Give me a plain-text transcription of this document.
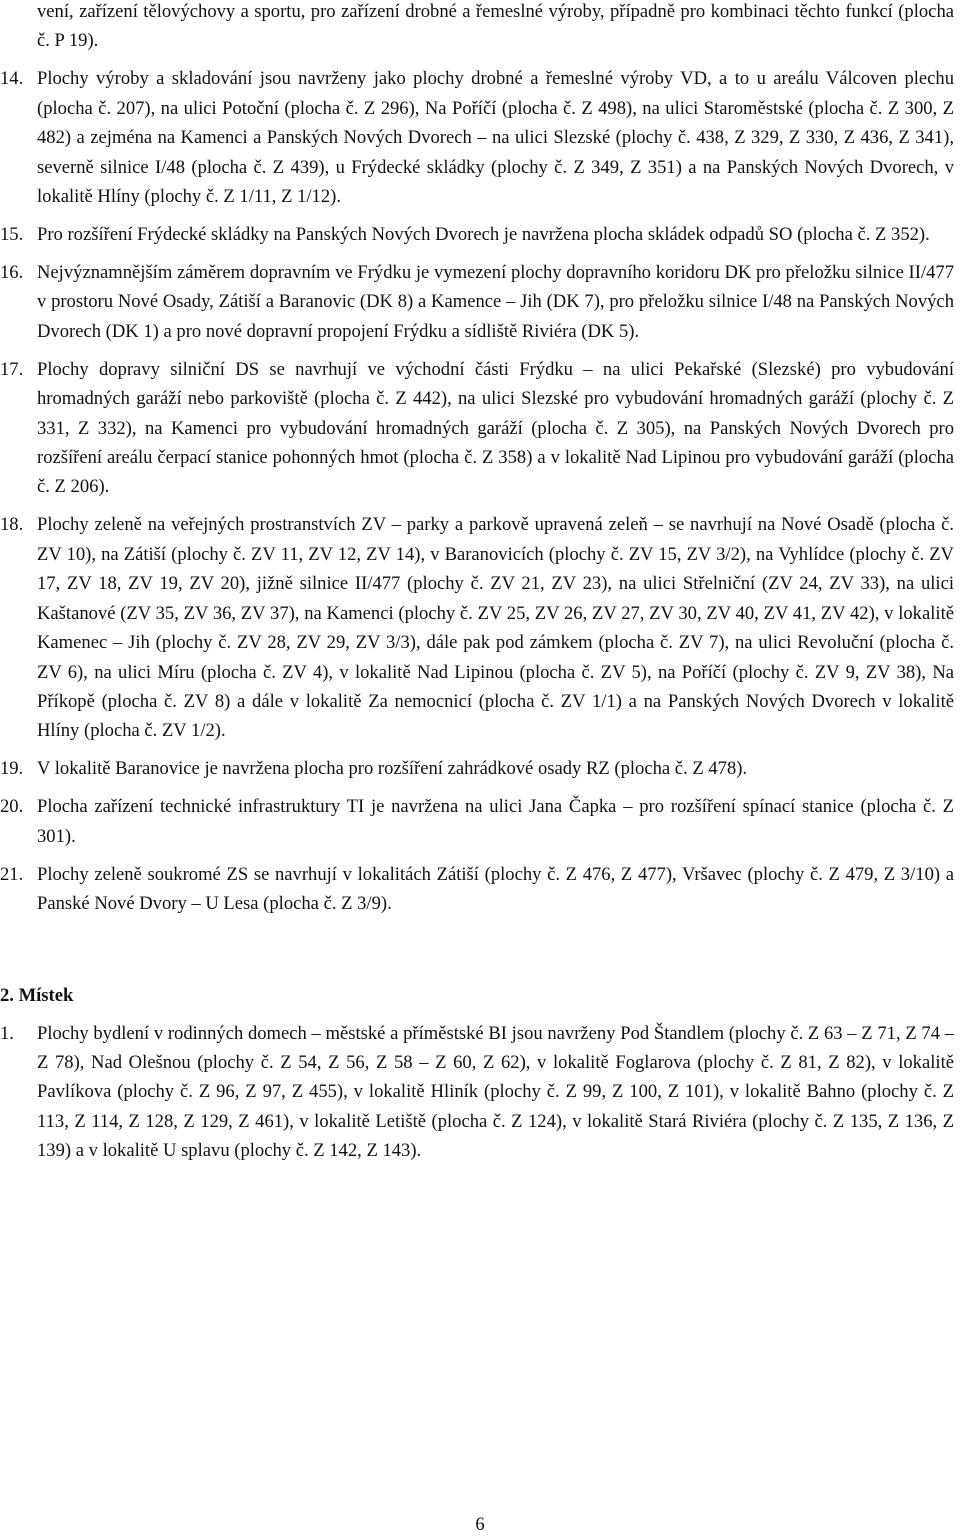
vení, zařízení tělovýchovy a sportu, pro zařízení drobné a řemeslné výroby, případně pro kombinaci těchto funkcí (plocha č. P 19).
14. Plochy výroby a skladování jsou navrženy jako plochy drobné a řemeslné výroby VD, a to u areálu Válcoven plechu (plocha č. 207), na ulici Potoční (plocha č. Z 296), Na Poříčí (plocha č. Z 498), na ulici Staroměstské (plocha č. Z 300, Z 482) a zejména na Kamenci a Panských Nových Dvorech – na ulici Slezské (plochy č. 438, Z 329, Z 330, Z 436, Z 341), severně silnice I/48 (plocha č. Z 439), u Frýdecké skládky (plochy č. Z 349, Z 351) a na Panských Nových Dvorech, v lokalitě Hlíny (plochy č. Z 1/11, Z 1/12).
15. Pro rozšíření Frýdecké skládky na Panských Nových Dvorech je navržena plocha skládek odpadů SO (plocha č. Z 352).
16. Nejvýznamnějším záměrem dopravním ve Frýdku je vymezení plochy dopravního koridoru DK pro přeložku silnice II/477 v prostoru Nové Osady, Zátiší a Baranovic (DK 8) a Kamence – Jih (DK 7), pro přeložku silnice I/48 na Panských Nových Dvorech (DK 1) a pro nové dopravní propojení Frýdku a sídliště Riviéra (DK 5).
17. Plochy dopravy silniční DS se navrhují ve východní části Frýdku – na ulici Pekařské (Slezské) pro vybudování hromadných garáží nebo parkoviště (plocha č. Z 442), na ulici Slezské pro vybudování hromadných garáží (plochy č. Z 331, Z 332), na Kamenci pro vybudování hromadných garáží (plocha č. Z 305), na Panských Nových Dvorech pro rozšíření areálu čerpací stanice pohonných hmot (plocha č. Z 358) a v lokalitě Nad Lipinou pro vybudování garáží (plocha č. Z 206).
18. Plochy zeleně na veřejných prostranstvích ZV – parky a parkově upravená zeleň – se navrhují na Nové Osadě (plocha č. ZV 10), na Zátiší (plochy č. ZV 11, ZV 12, ZV 14), v Baranovicích (plochy č. ZV 15, ZV 3/2), na Vyhlídce (plochy č. ZV 17, ZV 18, ZV 19, ZV 20), jižně silnice II/477 (plochy č. ZV 21, ZV 23), na ulici Střelniční (ZV 24, ZV 33), na ulici Kaštanové (ZV 35, ZV 36, ZV 37), na Kamenci (plochy č. ZV 25, ZV 26, ZV 27, ZV 30, ZV 40, ZV 41, ZV 42), v lokalitě Kamenec – Jih (plochy č. ZV 28, ZV 29, ZV 3/3), dále pak pod zámkem (plocha č. ZV 7), na ulici Revoluční (plocha č. ZV 6), na ulici Míru (plocha č. ZV 4), v lokalitě Nad Lipinou (plocha č. ZV 5), na Poříčí (plochy č. ZV 9, ZV 38), Na Příkopě (plocha č. ZV 8) a dále v lokalitě Za nemocnicí (plocha č. ZV 1/1) a na Panských Nových Dvorech v lokalitě Hlíny (plocha č. ZV 1/2).
19. V lokalitě Baranovice je navržena plocha pro rozšíření zahrádkové osady RZ (plocha č. Z 478).
20. Plocha zařízení technické infrastruktury TI je navržena na ulici Jana Čapka – pro rozšíření spínací stanice (plocha č. Z 301).
21. Plochy zeleně soukromé ZS se navrhují v lokalitách Zátiší (plochy č. Z 476, Z 477), Vršavec (plochy č. Z 479, Z 3/10) a Panské Nové Dvory – U Lesa (plocha č. Z 3/9).
2. Místek
1.	Plochy bydlení v rodinných domech – městské a příměstské BI jsou navrženy Pod Štandlem (plochy č. Z 63 – Z 71, Z 74 – Z 78), Nad Olešnou (plochy č. Z 54, Z 56, Z 58 – Z 60, Z 62), v lokalitě Foglarova (plochy č. Z 81, Z 82), v lokalitě Pavlíkova (plochy č. Z 96, Z 97, Z 455), v lokalitě Hliník (plochy č. Z 99, Z 100, Z 101), v lokalitě Bahno (plochy č. Z 113, Z 114, Z 128, Z 129, Z 461), v lokalitě Letiště (plocha č. Z 124), v lokalitě Stará Riviéra (plochy č. Z 135, Z 136, Z 139) a v lokalitě U splavu (plochy č. Z 142, Z 143).
6
